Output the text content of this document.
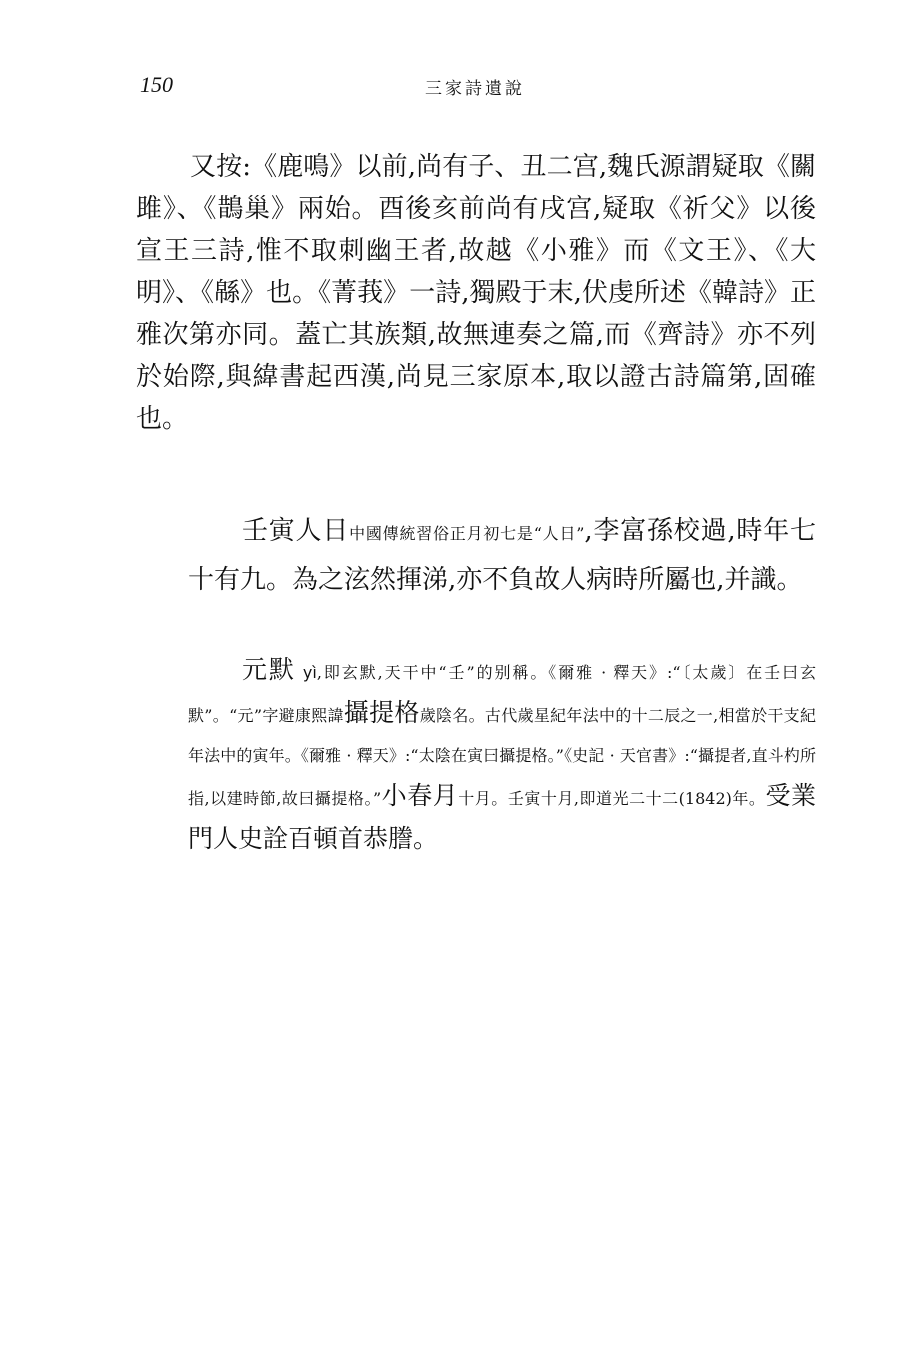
150	三家詩遺說

又按:《鹿鳴》以前,尚有子、丑二宫,魏氏源謂疑取《關雎》、《鵲巢》兩始。酉後亥前尚有戌宫,疑取《祈父》以後宣王三詩,惟不取刺幽王者,故越《小雅》而《文王》、《大明》、《緜》也。《菁莪》一詩,獨殿于末,伏虔所述《韓詩》正雅次第亦同。蓋亡其族類,故無連奏之篇,而《齊詩》亦不列於始際,與緯書起西漢,尚見三家原本,取以證古詩篇第,固確也。

壬寅人日中國傳統習俗正月初七是“人日”,李富孫校過,時年七十有九。為之泫然揮涕,亦不負故人病時所屬也,并識。

元默 yì,即玄默,天干中“壬”的别稱。《爾雅 · 釋天》:“〔太歲〕在壬曰玄默”。“元”字避康熙諱攝提格歲陰名。古代歲星紀年法中的十二辰之一,相當於干支紀年法中的寅年。《爾雅 · 釋天》:“太陰在寅曰攝提格。”《史記 · 天官書》:“攝提者,直斗杓所指,以建時節,故曰攝提格。”小春月十月。壬寅十月,即道光二十二(1842)年。受業門人史詮百頓首恭謄。
